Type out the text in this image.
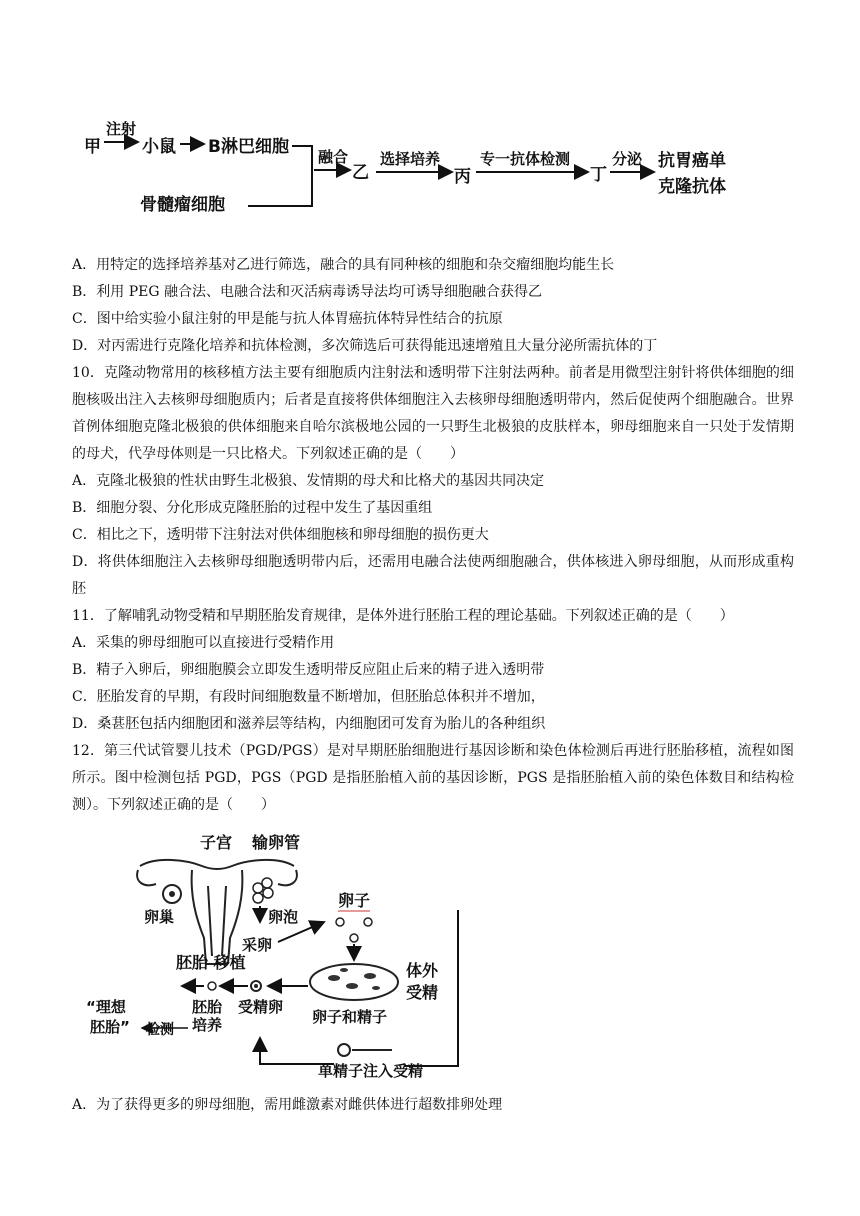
甲
注射
小鼠 B淋巴细胞
骨髓瘤细胞
融合
乙
选择培养
丙
专一抗体检测
丁
分泌 抗胃癌单
克隆抗体
A．用特定的选择培养基对乙进行筛选，融合的具有同种核的细胞和杂交瘤细胞均能生长
B．利用 PEG 融合法、电融合法和灭活病毒诱导法均可诱导细胞融合获得乙
C．图中给实验小鼠注射的甲是能与抗人体胃癌抗体特异性结合的抗原
D．对丙需进行克隆化培养和抗体检测，多次筛选后可获得能迅速增殖且大量分泌所需抗体的丁
10．克隆动物常用的核移植方法主要有细胞质内注射法和透明带下注射法两种。前者是用微型注射针将供体细胞的细胞核吸出注入去核卵母细胞质内；后者是直接将供体细胞注入去核卵母细胞透明带内，然后促使两个细胞融合。世界首例体细胞克隆北极狼的供体细胞来自哈尔滨极地公园的一只野生北极狼的皮肤样本，卵母细胞来自一只处于发情期的母犬，代孕母体则是一只比格犬。下列叙述正确的是（　　）
A．克隆北极狼的性状由野生北极狼、发情期的母犬和比格犬的基因共同决定
B．细胞分裂、分化形成克隆胚胎的过程中发生了基因重组
C．相比之下，透明带下注射法对供体细胞核和卵母细胞的损伤更大
D．将供体细胞注入去核卵母细胞透明带内后，还需用电融合法使两细胞融合，供体核进入卵母细胞，从而形成重构胚
11．了解哺乳动物受精和早期胚胎发育规律，是体外进行胚胎工程的理论基础。下列叙述正确的是（　　）
A．采集的卵母细胞可以直接进行受精作用
B．精子入卵后，卵细胞膜会立即发生透明带反应阻止后来的精子进入透明带
C．胚胎发育的早期，有段时间细胞数量不断增加，但胚胎总体积并不增加，
D．桑葚胚包括内细胞团和滋养层等结构，内细胞团可发育为胎儿的各种组织
12．第三代试管婴儿技术（PGD/PGS）是对早期胚胎细胞进行基因诊断和染色体检测后再进行胚胎移植，流程如图所示。图中检测包括 PGD，PGS（PGD 是指胚胎植入前的基因诊断，PGS 是指胚胎植入前的染色体数目和结构检测）。下列叙述正确的是（　　）
子宫 输卵管
卵巢	卵泡
卵子
采卵
体外
受精
卵子和精子
胚胎 移植
受精卵
胚胎
培养
“理想
胚胎” 检测
单精子注入受精
A．为了获得更多的卵母细胞，需用雌激素对雌供体进行超数排卵处理
